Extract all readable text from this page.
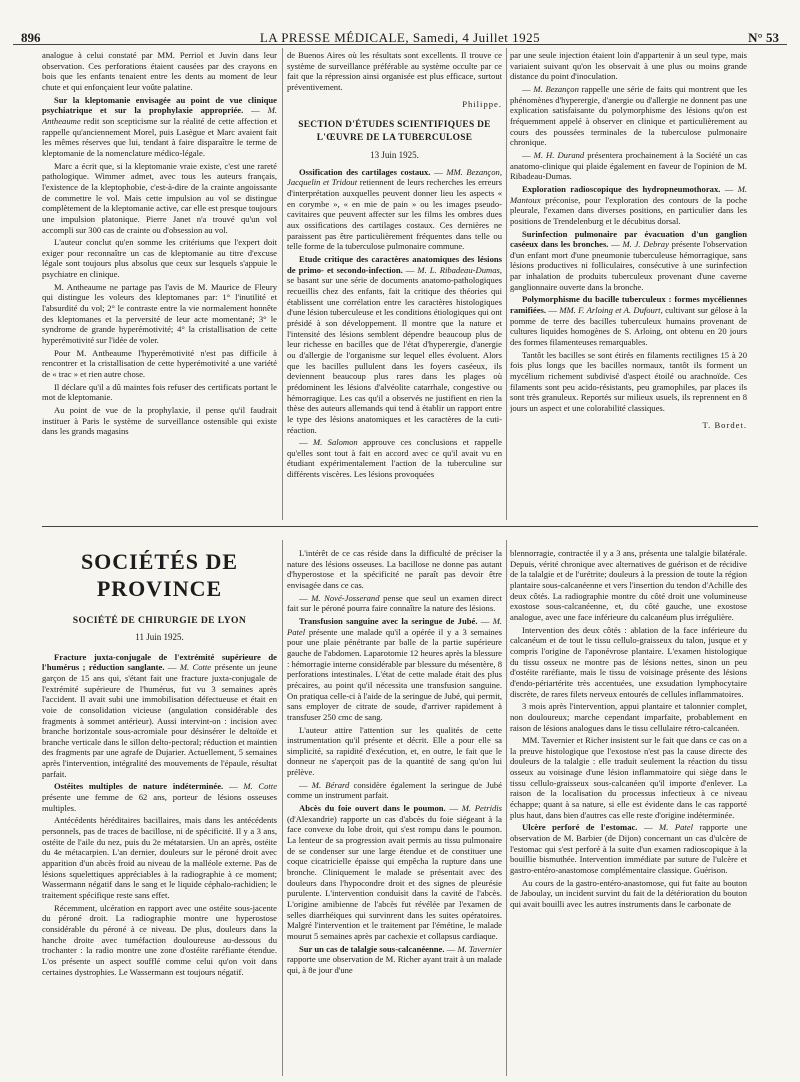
896	LA PRESSE MÉDICALE, Samedi, 4 Juillet 1925	N° 53

analogue à celui constaté par MM. Perriol et Juvin dans leur observation. Ces perforations étaient causées par des crayons en bois que les enfants tenaient entre les dents au moment de leur chute et qui enfonçaient leur voûte palatine.

Sur la kleptomanie envisagée au point de vue clinique psychiatrique et sur la prophylaxie appropriée. — M. Antheaume redit son scepticisme sur la réalité de cette affection et rappelle qu'anciennement Morel, puis Lasègue et Marc avaient fait les mêmes réserves que lui, tendant à faire disparaître le terme de kleptomanie de la nomenclature médico-légale.

Marc a écrit que, si la kleptomanie vraie existe, c'est une rareté pathologique. Wimmer admet, avec tous les auteurs français, l'existence de la kleptophobie, c'est-à-dire de la crainte angoissante de commettre le vol. Mais cette impulsion au vol se distingue complètement de la kleptomanie active, car elle est presque toujours une impulsion platonique. Pierre Janet n'a trouvé qu'un vol accompli sur 300 cas de crainte ou d'obsession au vol.

L'auteur conclut qu'en somme les critériums que l'expert doit exiger pour reconnaître un cas de kleptomanie au titre d'excuse légale sont toujours plus absolus que ceux sur lesquels s'appuie le psychiatre en clinique.

M. Antheaume ne partage pas l'avis de M. Maurice de Fleury qui distingue les voleurs des kleptomanes par: 1° l'inutilité et l'absurdité du vol; 2° le contraste entre la vie normalement honnête des kleptomanes et la perversité de leur acte momentané; 3° le syndrome de grande hyperémotivité; 4° la cristallisation de cette hyperémotivité sur l'idée de voler.

Pour M. Antheaume l'hyperémotivité n'est pas difficile à rencontrer et la cristallisation de cette hyperémotivité a une variété de « trac » et rien autre chose.

Il déclare qu'il a dû maintes fois refuser des certificats portant le mot de kleptomanie.

Au point de vue de la prophylaxie, il pense qu'il faudrait instituer à Paris le système de surveillance ostensible qui existe dans les grands magasins

de Buenos Aires où les résultats sont excellents. Il trouve ce système de surveillance préférable au système occulte par ce fait que la répression ainsi organisée est plus efficace, surtout préventivement.

Philippe.
SECTION D'ÉTUDES SCIENTIFIQUES DE L'ŒUVRE DE LA TUBERCULOSE
13 Juin 1925.

Ossification des cartilages costaux. — MM. Bezançon, Jacquelin et Tridout retiennent de leurs recherches les erreurs d'interprétation auxquelles peuvent donner lieu les aspects « en corymbe », « en mie de pain » ou les images pseudo-cavitaires que peuvent affecter sur les films les ombres dues aux ossifications des cartilages costaux. Ces dernières ne paraissent pas être particulièrement fréquentes dans telle ou telle forme de la tuberculose pulmonaire commune.

Etude critique des caractères anatomiques des lésions de primo- et secondo-infection. — M. L. Ribadeau-Dumas, se basant sur une série de documents anatomo-pathologiques recueillis chez des enfants, fait la critique des théories qui établissent une corrélation entre les caractères histologiques d'une lésion tuberculeuse et les conditions étiologiques qui ont présidé à son développement. Il montre que la nature et l'intensité des lésions semblent dépendre beaucoup plus de leur richesse en bacilles que de l'état d'hyperergie, d'anergie ou d'allergie de l'organisme sur lequel elles évoluent. Alors que les bacilles pullulent dans les foyers caséeux, ils deviennent beaucoup plus rares dans les plages où prédominent les lésions d'alvéolite catarrhale, congestive ou hémorragique. Les cas qu'il a observés ne justifient en rien la thèse des auteurs allemands qui tend à établir un rapport entre le type des lésions anatomiques et les caractères de la cuti-réaction.

— M. Salomon approuve ces conclusions et rappelle qu'elles sont tout à fait en accord avec ce qu'il avait vu en étudiant expérimentalement l'action de la tuberculine sur différents viscères. Les lésions provoquées

par une seule injection étaient loin d'appartenir à un seul type, mais variaient suivant qu'on les observait à une plus ou moins grande distance du point d'inoculation.

— M. Bezançon rappelle une série de faits qui montrent que les phénomènes d'hyperergie, d'anergie ou d'allergie ne donnent pas une explication satisfaisante du polymorphisme des lésions qu'on est fréquemment appelé à observer en clinique et particulièrement au cours des poussées terminales de la tuberculose pulmonaire chronique.

— M. H. Durand présentera prochainement à la Société un cas anatomo-clinique qui plaide également en faveur de l'opinion de M. Ribadeau-Dumas.

Exploration radioscopique des hydropneumothorax. — M. Mantoux préconise, pour l'exploration des contours de la poche pleurale, l'examen dans diverses positions, en particulier dans les positions de Trendelenburg et le décubitus dorsal.

Surinfection pulmonaire par évacuation d'un ganglion caséeux dans les bronches. — M. J. Debray présente l'observation d'un enfant mort d'une pneumonie tuberculeuse hémorragique, sans lésions productives ni folliculaires, consécutive à une surinfection par inhalation de produits tuberculeux provenant d'une caverne ganglionnaire ouverte dans la bronche.

Polymorphisme du bacille tuberculeux : formes mycéliennes ramifiées. — MM. F. Arloing et A. Dufourt, cultivant sur gélose à la pomme de terre des bacilles tuberculeux humains provenant de cultures liquides homogènes de S. Arloing, ont obtenu en 20 jours des formes filamenteuses remarquables.

Tantôt les bacilles se sont étirés en filaments rectilignes 15 à 20 fois plus longs que les bacilles normaux, tantôt ils forment un mycélium richement subdivisé d'aspect étoilé ou arachnoïde. Ces filaments sont peu acido-résistants, peu gramophiles, par places ils sont très granuleux. Reportés sur milieux usuels, ils reprennent en 8 jours un aspect et une colorabilité classiques.

T. Bordet.
SOCIÉTÉS DE PROVINCE
SOCIÉTÉ DE CHIRURGIE DE LYON
11 Juin 1925.

Fracture juxta-conjugale de l'extrémité supérieure de l'humérus ; réduction sanglante. — M. Cotte présente un jeune garçon de 15 ans qui, s'étant fait une fracture juxta-conjugale de l'extrémité supérieure de l'humérus, fut vu 3 semaines après l'accident. Il avait subi une immobilisation défectueuse et était en voie de consolidation vicieuse (angulation considérable des fragments à sommet antérieur). Aussi intervint-on : incision avec branche horizontale sous-acromiale pour désinsérer le deltoïde et branche verticale dans le sillon delto-pectoral; réduction et maintien des fragments par une agrafe de Dujarier. Actuellement, 5 semaines après l'intervention, intégralité des mouvements de l'épaule, résultat parfait.

Ostéites multiples de nature indéterminée. — M. Cotte présente une femme de 62 ans, porteur de lésions osseuses multiples.

Antécédents héréditaires bacillaires, mais dans les antécédents personnels, pas de traces de bacillose, ni de spécificité. Il y a 3 ans, ostéite de l'aile du nez, puis du 2e métatarsien. Un an après, ostéite du 4e métacarpien. L'an dernier, douleurs sur le péroné droit avec apparition d'un abcès froid au niveau de la malléole externe. Pas de lésions squelettiques appréciables à la radiographie à ce moment; Wassermann négatif dans le sang et le liquide céphalo-rachidien; le traitement spécifique reste sans effet.

Récemment, ulcération en rapport avec une ostéite sous-jacente du péroné droit. La radiographie montre une hyperostose considérable du péroné à ce niveau. De plus, douleurs dans la hanche droite avec tuméfaction douloureuse au-dessous du trochanter : la radio montre une zone d'ostéite raréfiante étendue. L'os présente un aspect soufflé comme celui qu'on voit dans certaines dystrophies. Le Wassermann est toujours négatif.

L'intérêt de ce cas réside dans la difficulté de préciser la nature des lésions osseuses. La bacillose ne donne pas autant d'hyperostose et la spécificité ne paraît pas devoir être envisagée dans ce cas.

— M. Nové-Josserand pense que seul un examen direct fait sur le péroné pourra faire connaître la nature des lésions.

Transfusion sanguine avec la seringue de Jubé. — M. Patel présente une malade qu'il a opérée il y a 3 semaines pour une plaie pénétrante par balle de la partie supérieure gauche de l'abdomen. Laparotomie 12 heures après la blessure : hémorragie interne considérable par blessure du mésentère, 8 perforations intestinales. L'état de cette malade était des plus précaires, au point qu'il nécessita une transfusion sanguine. On pratiqua celle-ci à l'aide de la seringue de Jubé, qui permit, sans employer de citrate de soude, d'arriver rapidement à transfuser 250 cmc de sang.

L'auteur attire l'attention sur les qualités de cette instrumentation qu'il présente et décrit. Elle a pour elle sa simplicité, sa rapidité d'exécution, et, en outre, le fait que le donneur ne s'aperçoit pas de la quantité de sang qu'on lui prélève.

— M. Bérard considère également la seringue de Jubé comme un instrument parfait.

Abcès du foie ouvert dans le poumon. — M. Petridis (d'Alexandrie) rapporte un cas d'abcès du foie siégeant à la face convexe du lobe droit, qui s'est rompu dans le poumon. La lenteur de sa progression avait permis au tissu pulmonaire de se condenser sur une large étendue et de constituer une coque cicatricielle épaisse qui empêcha la rupture dans une bronche. Cliniquement le malade se présentait avec des douleurs dans l'hypocondre droit et des signes de pleurésie purulente. L'intervention conduisit dans la cavité de l'abcès. L'origine amibienne de l'abcès fut révélée par l'examen de selles diarrhéiques qui survinrent dans les suites opératoires. Malgré l'intervention et le traitement par l'émétine, le malade mourut 5 semaines après par cachexie et collapsus cardiaque.

Sur un cas de talalgie sous-calcanéenne. — M. Tavernier rapporte une observation de M. Richer ayant trait à un malade qui, à 8e jour d'une

blennorragie, contractée il y a 3 ans, présenta une talalgie bilatérale. Depuis, vérité chronique avec alternatives de guérison et de récidive de la talalgie et de l'urétrite; douleurs à la pression de toute la région plantaire sous-calcanéenne et vers l'insertion du tendon d'Achille des deux côtés. La radiographie montre du côté droit une volumineuse exostose sous-calcanéenne, et, du côté gauche, une exostose analogue, avec une face inférieure du calcanéum plus irrégulière.

Intervention des deux côtés : ablation de la face inférieure du calcanéum et de tout le tissu cellulo-graisseux du talon, jusque et y compris l'origine de l'aponévrose plantaire. L'examen histologique du tissu osseux ne montre pas de lésions nettes, sinon un peu d'ostéite raréfiante, mais le tissu de voisinage présente des lésions d'endo-périartérite très accentuées, une exsudation lymphocytaire discrète, de rares filets nerveux entourés de cellules inflammatoires.

3 mois après l'intervention, appui plantaire et talonnier complet, non douloureux; marche cependant imparfaite, probablement en raison de lésions analogues dans le tissu cellulaire rétro-calcanéen.

MM. Tavernier et Richer insistent sur le fait que dans ce cas on a la preuve histologique que l'exostose n'est pas la cause directe des douleurs de la talalgie : elle traduit seulement la réaction du tissu osseux au voisinage d'une lésion inflammatoire qui siège dans le tissu cellulo-graisseux sous-calcanéen qu'il importe d'enlever. La raison de la localisation du processus infectieux à ce niveau échappe; quant à sa nature, si elle est évidente dans le cas rapporté plus haut, dans bien d'autres cas elle reste d'origine indéterminée.

Ulcère perforé de l'estomac. — M. Patel rapporte une observation de M. Barbier (de Dijon) concernant un cas d'ulcère de l'estomac qui s'est perforé à la suite d'un examen radioscopique à la bouillie bismuthée. Intervention immédiate par suture de l'ulcère et gastro-entéro-anastomose complémentaire classique. Guérison.

Au cours de la gastro-entéro-anastomose, qui fut faite au bouton de Jaboulay, un incident survint du fait de la détérioration du bouton qui avait bouilli avec les autres instruments dans le carbonate de
